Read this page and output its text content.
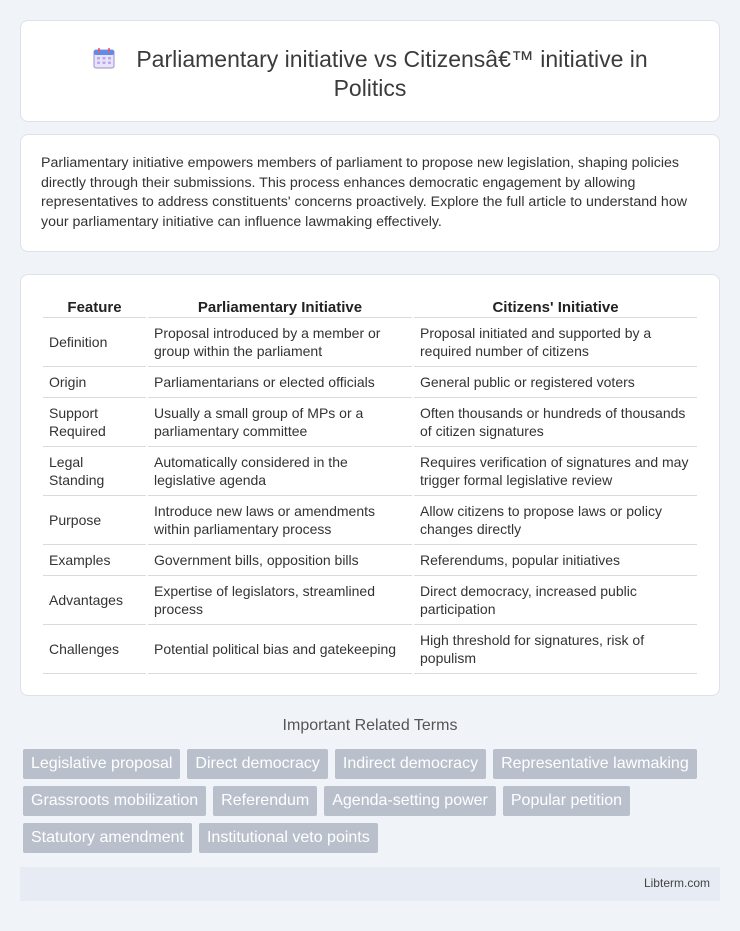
Parliamentary initiative vs Citizensâ€™ initiative in
Politics

Parliamentary initiative empowers members of parliament to propose new legislation, shaping policies directly through their submissions. This process enhances democratic engagement by allowing representatives to address constituents' concerns proactively. Explore the full article to understand how your parliamentary initiative can influence lawmaking effectively.

Feature	Parliamentary Initiative	Citizens' Initiative
Definition	Proposal introduced by a member or group within the parliament	Proposal initiated and supported by a required number of citizens
Origin	Parliamentarians or elected officials	General public or registered voters
Support Required	Usually a small group of MPs or a parliamentary committee	Often thousands or hundreds of thousands of citizen signatures
Legal Standing	Automatically considered in the legislative agenda	Requires verification of signatures and may trigger formal legislative review
Purpose	Introduce new laws or amendments within parliamentary process	Allow citizens to propose laws or policy changes directly
Examples	Government bills, opposition bills	Referendums, popular initiatives
Advantages	Expertise of legislators, streamlined process	Direct democracy, increased public participation
Challenges	Potential political bias and gatekeeping	High threshold for signatures, risk of populism
Important Related Terms
Legislative proposal	Direct democracy	Indirect democracy	Representative lawmaking
Grassroots mobilization	Referendum	Agenda-setting power	Popular petition
Statutory amendment	Institutional veto points
Libterm.com
